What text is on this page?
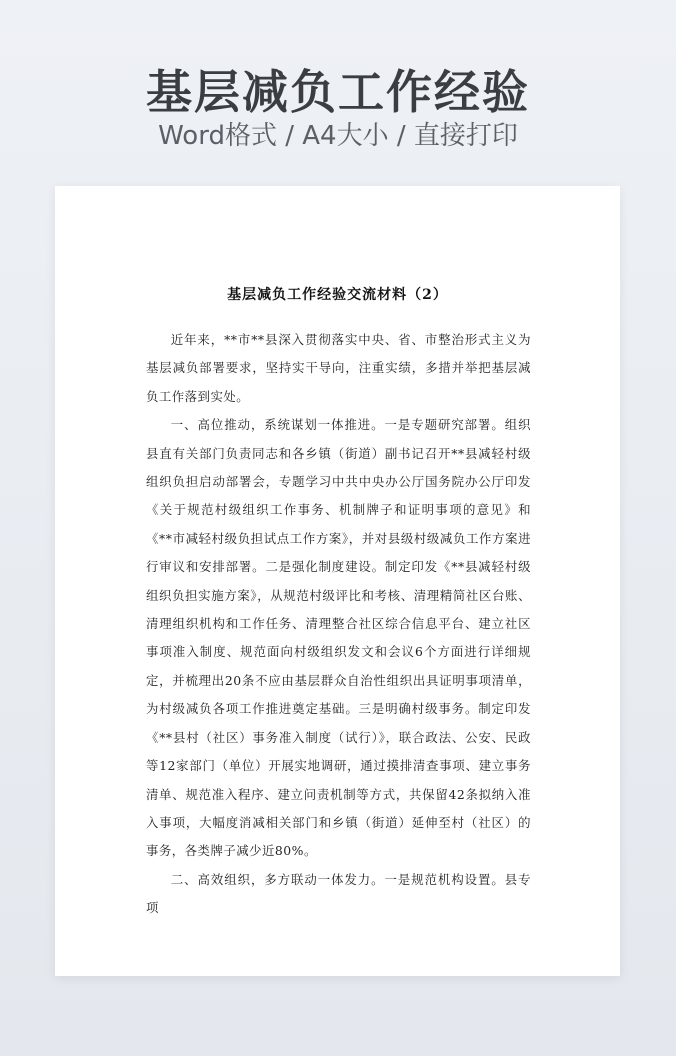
基层减负工作经验
Word格式 / A4大小 / 直接打印
基层减负工作经验交流材料（2）

近年来，**市**县深入贯彻落实中央、省、市整治形式主义为基层减负部署要求，坚持实干导向，注重实绩，多措并举把基层减负工作落到实处。

一、高位推动，系统谋划一体推进。一是专题研究部署。组织县直有关部门负责同志和各乡镇（街道）副书记召开**县减轻村级组织负担启动部署会，专题学习中共中央办公厅国务院办公厅印发《关于规范村级组织工作事务、机制牌子和证明事项的意见》和《**市减轻村级负担试点工作方案》，并对县级村级减负工作方案进行审议和安排部署。二是强化制度建设。制定印发《**县减轻村级组织负担实施方案》，从规范村级评比和考核、清理精简社区台账、清理组织机构和工作任务、清理整合社区综合信息平台、建立社区事项准入制度、规范面向村级组织发文和会议6个方面进行详细规定，并梳理出20条不应由基层群众自治性组织出具证明事项清单，为村级减负各项工作推进奠定基础。三是明确村级事务。制定印发《**县村（社区）事务准入制度（试行）》，联合政法、公安、民政等12家部门（单位）开展实地调研，通过摸排清查事项、建立事务清单、规范准入程序、建立问责机制等方式，共保留42条拟纳入准入事项，大幅度消减相关部门和乡镇（街道）延伸至村（社区）的事务，各类牌子减少近80%。

二、高效组织，多方联动一体发力。一是规范机构设置。县专项
